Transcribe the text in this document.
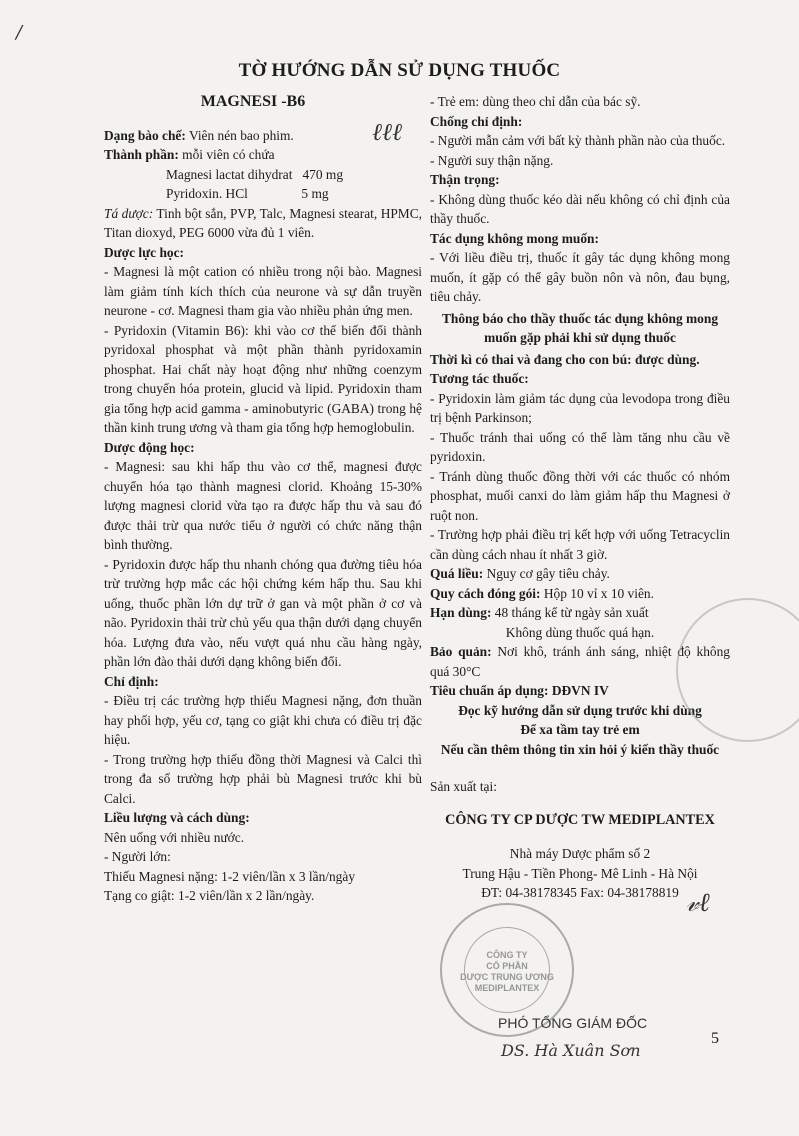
/
ℓℓℓ
TỜ HƯỚNG DẪN SỬ DỤNG THUỐC
MAGNESI -B6

Dạng bào chế: Viên nén bao phim.

Thành phần: mỗi viên có chứa

Magnesi lactat dihydrat   470 mg

Pyridoxin. HCl                5 mg

Tá dược: Tinh bột sắn, PVP, Talc, Magnesi stearat, HPMC, Titan dioxyd, PEG 6000 vừa đủ 1 viên.

Dược lực học:

- Magnesi là một cation có nhiều trong nội bào. Magnesi làm giảm tính kích thích của neurone và sự dẫn truyền neurone - cơ. Magnesi tham gia vào nhiều phản ứng men.

- Pyridoxin (Vitamin B6): khi vào cơ thể biến đổi thành pyridoxal phosphat và một phần thành pyridoxamin phosphat. Hai chất này hoạt động như những coenzym trong chuyển hóa protein, glucid và lipid. Pyridoxin tham gia tổng hợp acid gamma - aminobutyric (GABA) trong hệ thần kinh trung ương và tham gia tổng hợp hemoglobulin.

Dược động học:

- Magnesi: sau khi hấp thu vào cơ thể, magnesi được chuyển hóa tạo thành magnesi clorid. Khoảng 15-30% lượng magnesi clorid vừa tạo ra được hấp thu và sau đó được thải trừ qua nước tiểu ở người có chức năng thận bình thường.

- Pyridoxin được hấp thu nhanh chóng qua đường tiêu hóa trừ trường hợp mắc các hội chứng kém hấp thu. Sau khi uống, thuốc phần lớn dự trữ ở gan và một phần ở cơ và não. Pyridoxin thải trừ chủ yếu qua thận dưới dạng chuyển hóa. Lượng đưa vào, nếu vượt quá nhu cầu hàng ngày, phần lớn đào thải dưới dạng không biến đổi.

Chỉ định:

- Điều trị các trường hợp thiếu Magnesi nặng, đơn thuần hay phối hợp, yếu cơ, tạng co giật khi chưa có điều trị đặc hiệu.

- Trong trường hợp thiếu đồng thời Magnesi và Calci thì trong đa số trường hợp phải bù Magnesi trước khi bù Calci.

Liều lượng và cách dùng:

Nên uống với nhiều nước.

- Người lớn:

Thiếu Magnesi nặng: 1-2 viên/lần x 3 lần/ngày

Tạng co giật: 1-2 viên/lần x 2 lần/ngày.

- Trẻ em: dùng theo chỉ dẫn của bác sỹ.

Chống chỉ định:

- Người mẫn cảm với bất kỳ thành phần nào của thuốc.

- Người suy thận nặng.

Thận trọng:

- Không dùng thuốc kéo dài nếu không có chỉ định của thầy thuốc.

Tác dụng không mong muốn:

- Với liều điều trị, thuốc ít gây tác dụng không mong muốn, ít gặp có thể gây buồn nôn và nôn, đau bụng, tiêu chảy.

Thông báo cho thầy thuốc tác dụng không mong muốn gặp phải khi sử dụng thuốc

Thời kì có thai và đang cho con bú: được dùng.

Tương tác thuốc:

- Pyridoxin làm giảm tác dụng của levodopa trong điều trị bệnh Parkinson;

- Thuốc tránh thai uống có thể làm tăng nhu cầu về pyridoxin.

- Tránh dùng thuốc đồng thời với các thuốc có nhóm phosphat, muối canxi do làm giảm hấp thu Magnesi ở ruột non.

- Trường hợp phải điều trị kết hợp với uống Tetracyclin cần dùng cách nhau ít nhất 3 giờ.

Quá liều: Nguy cơ gây tiêu chảy.

Quy cách đóng gói: Hộp 10 vỉ x 10 viên.

Hạn dùng: 48 tháng kể từ ngày sản xuất

Không dùng thuốc quá hạn.

Bảo quản: Nơi khô, tránh ánh sáng, nhiệt độ không quá 30°C

Tiêu chuẩn áp dụng: DĐVN IV

Đọc kỹ hướng dẫn sử dụng trước khi dùng

Để xa tầm tay trẻ em

Nếu cần thêm thông tin xin hỏi ý kiến thầy thuốc

Sản xuất tại:

CÔNG TY CP DƯỢC TW MEDIPLANTEX

Nhà máy Dược phẩm số 2

Trung Hậu - Tiền Phong- Mê Linh - Hà Nội

ĐT: 04-38178345 Fax: 04-38178819 𝓋ℓ
CÔNG TY
CỔ PHẦN
DƯỢC TRUNG ƯƠNG
MEDIPLANTEX
PHÓ TỔNG GIÁM ĐỐC
DS. Hà Xuân Sơn
5
